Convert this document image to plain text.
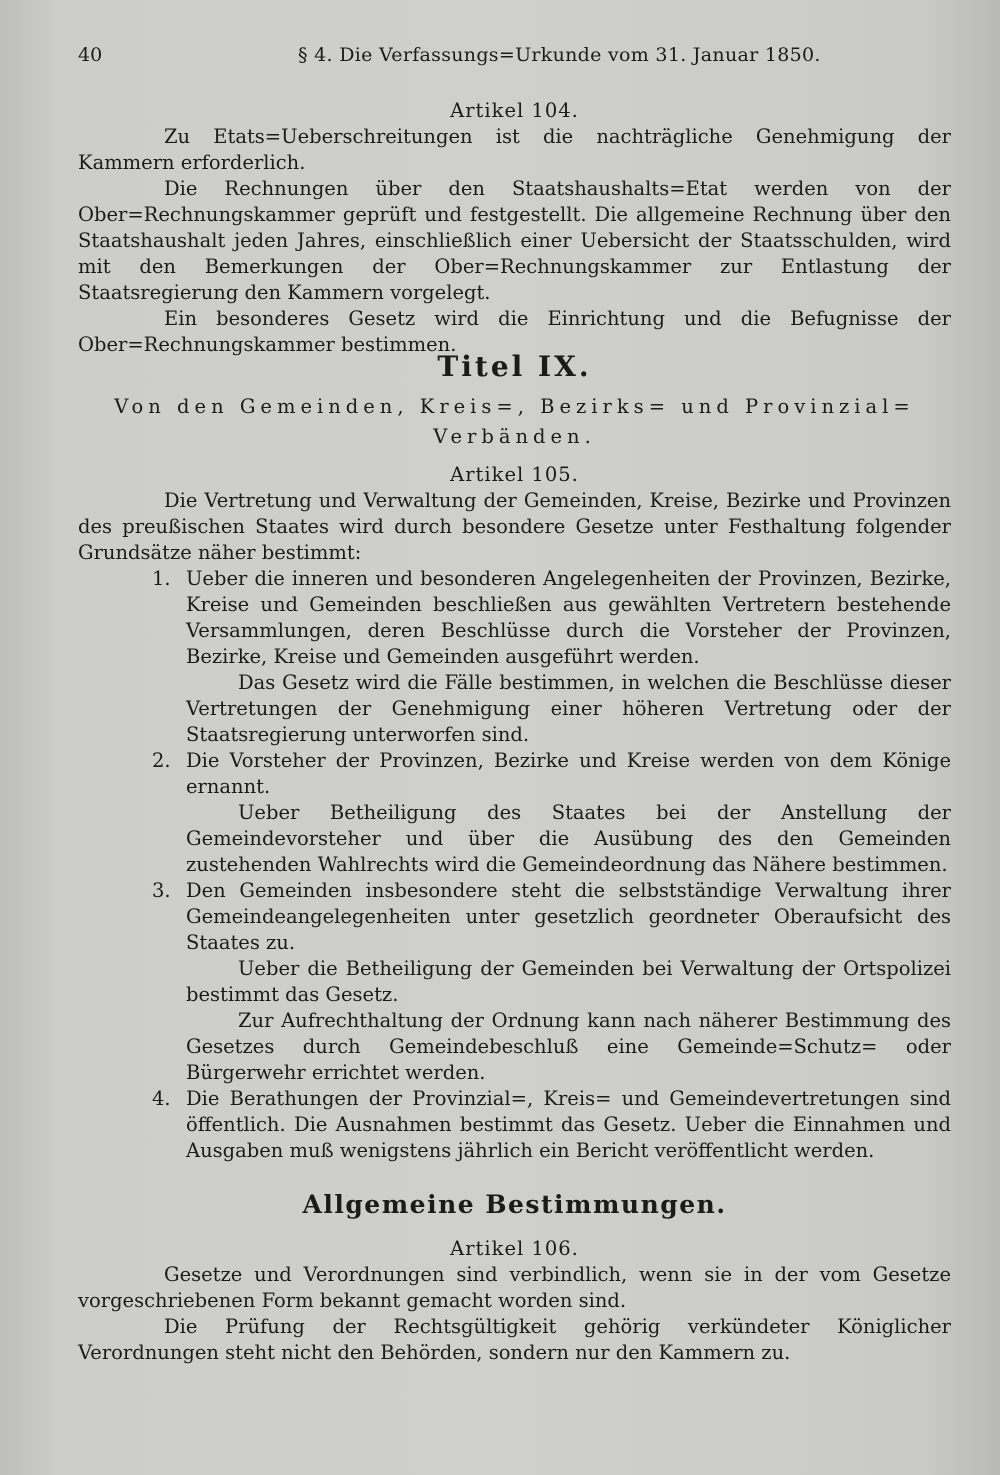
40	§ 4. Die Verfassungs=Urkunde vom 31. Januar 1850.
Artikel 104.

Zu Etats=Ueberschreitungen ist die nachträgliche Genehmigung der Kammern erforderlich.

Die Rechnungen über den Staatshaushalts=Etat werden von der Ober=Rechnungskammer geprüft und festgestellt. Die allgemeine Rechnung über den Staatshaushalt jeden Jahres, einschließlich einer Uebersicht der Staatsschulden, wird mit den Bemerkungen der Ober=Rechnungskammer zur Entlastung der Staatsregierung den Kammern vorgelegt.

Ein besonderes Gesetz wird die Einrichtung und die Befugnisse der Ober=Rechnungskammer bestimmen.

Titel IX.
Von den Gemeinden, Kreis=, Bezirks= und Provinzial=
Verbänden.
Artikel 105.

Die Vertretung und Verwaltung der Gemeinden, Kreise, Bezirke und Provinzen des preußischen Staates wird durch besondere Gesetze unter Festhaltung folgender Grundsätze näher bestimmt:

1. Ueber die inneren und besonderen Angelegenheiten der Provinzen, Bezirke, Kreise und Gemeinden beschließen aus gewählten Vertretern bestehende Versammlungen, deren Beschlüsse durch die Vorsteher der Provinzen, Bezirke, Kreise und Gemeinden ausgeführt werden.

Das Gesetz wird die Fälle bestimmen, in welchen die Beschlüsse dieser Vertretungen der Genehmigung einer höheren Vertretung oder der Staatsregierung unterworfen sind.

2. Die Vorsteher der Provinzen, Bezirke und Kreise werden von dem Könige ernannt.

Ueber Betheiligung des Staates bei der Anstellung der Gemeindevorsteher und über die Ausübung des den Gemeinden zustehenden Wahlrechts wird die Gemeindeordnung das Nähere bestimmen.

3. Den Gemeinden insbesondere steht die selbstständige Verwaltung ihrer Gemeindeangelegenheiten unter gesetzlich geordneter Oberaufsicht des Staates zu.

Ueber die Betheiligung der Gemeinden bei Verwaltung der Ortspolizei bestimmt das Gesetz.

Zur Aufrechthaltung der Ordnung kann nach näherer Bestimmung des Gesetzes durch Gemeindebeschluß eine Gemeinde=Schutz= oder Bürgerwehr errichtet werden.

4. Die Berathungen der Provinzial=, Kreis= und Gemeindevertretungen sind öffentlich. Die Ausnahmen bestimmt das Gesetz. Ueber die Einnahmen und Ausgaben muß wenigstens jährlich ein Bericht veröffentlicht werden.

Allgemeine Bestimmungen.
Artikel 106.

Gesetze und Verordnungen sind verbindlich, wenn sie in der vom Gesetze vorgeschriebenen Form bekannt gemacht worden sind.

Die Prüfung der Rechtsgültigkeit gehörig verkündeter Königlicher Verordnungen steht nicht den Behörden, sondern nur den Kammern zu.
